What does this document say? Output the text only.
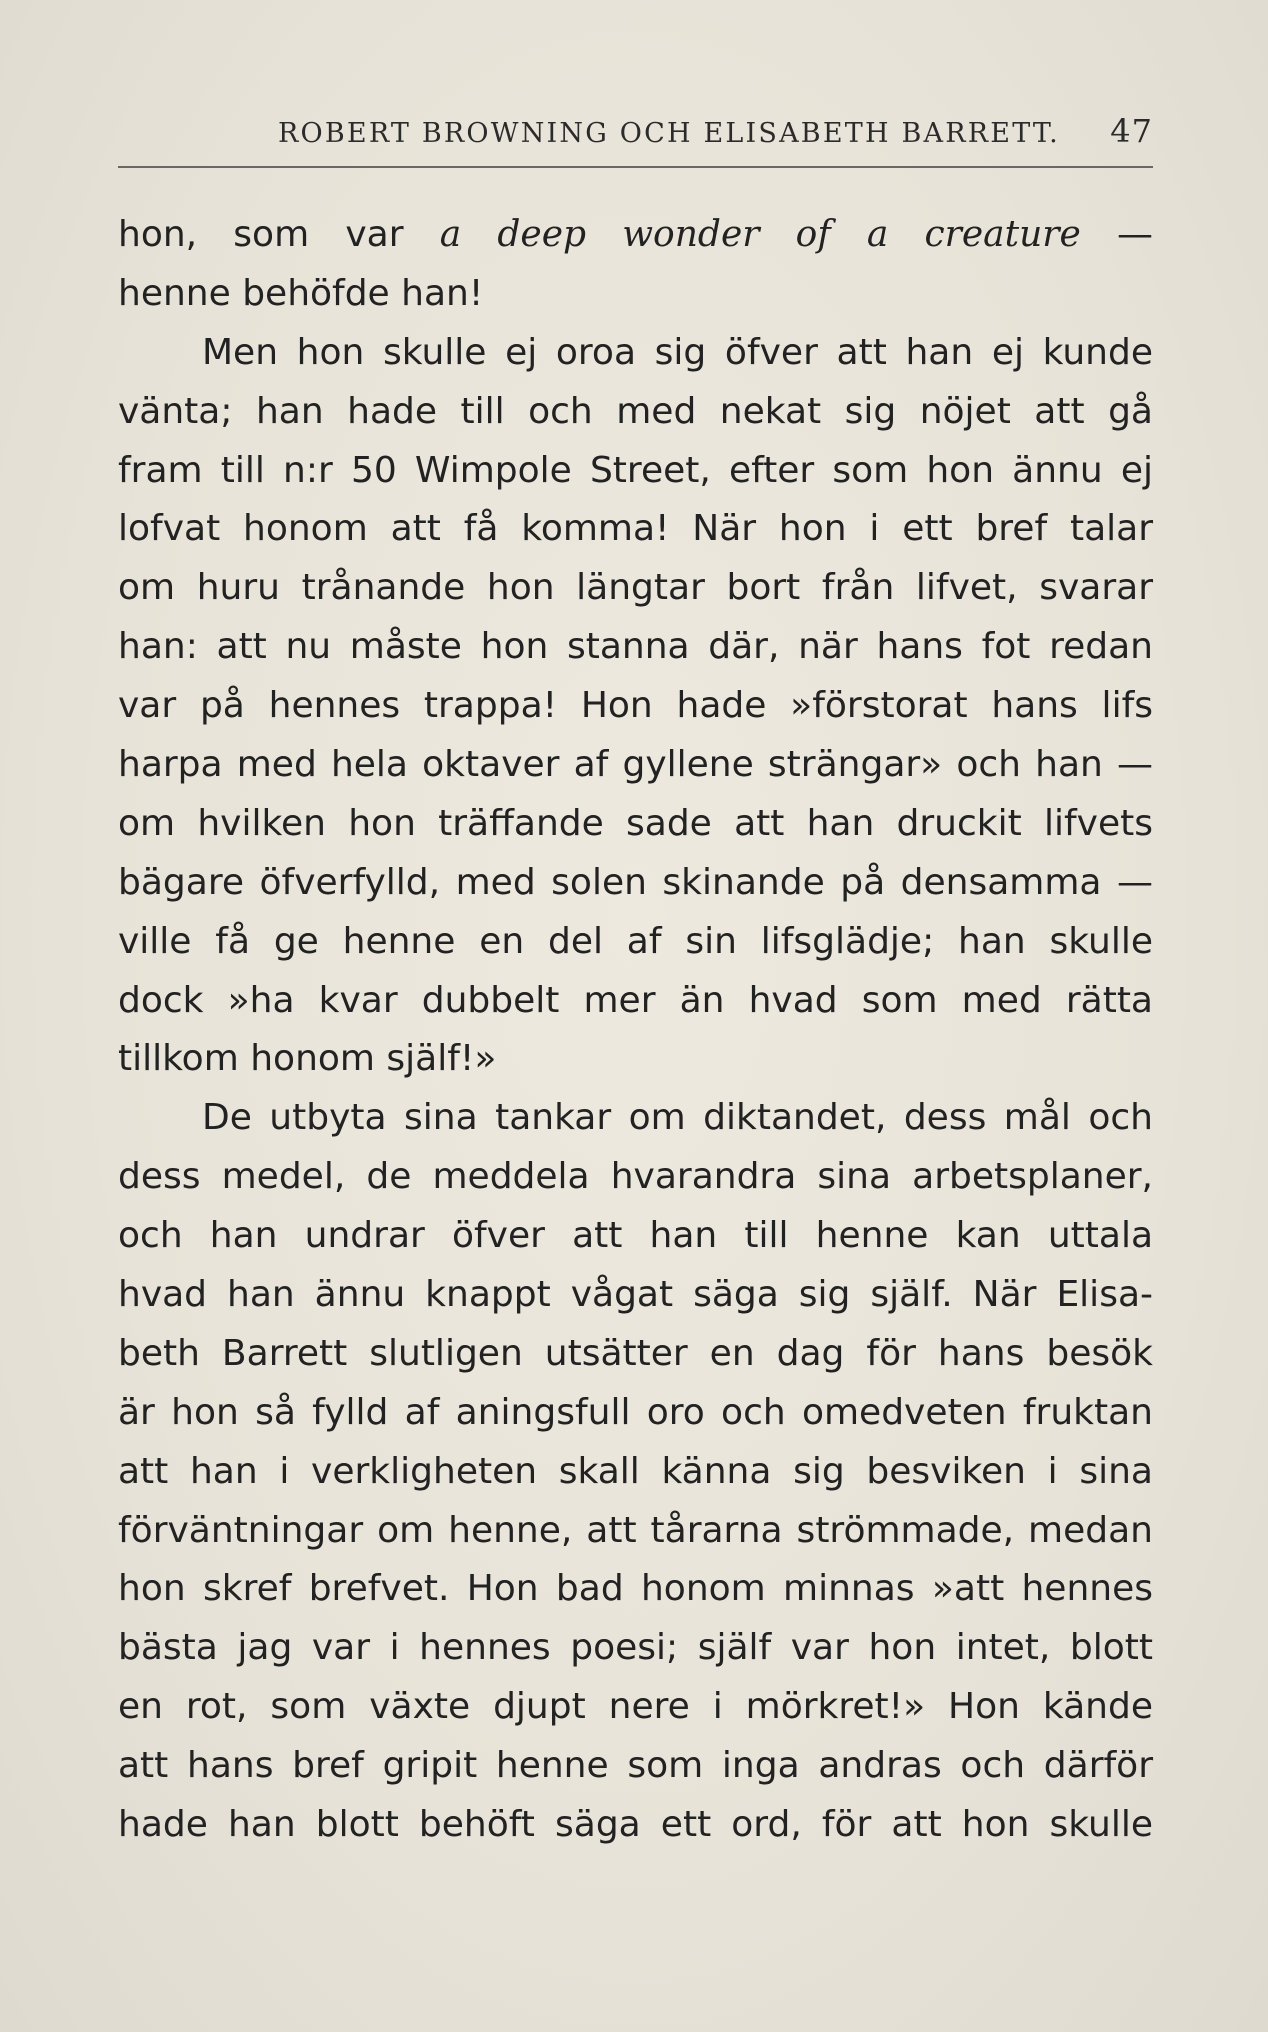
ROBERT BROWNING OCH ELISABETH BARRETT. 47
hon, som var a deep wonder of a creature —
henne behöfde han!
Men hon skulle ej oroa sig öfver att han ej kunde
vänta; han hade till och med nekat sig nöjet att gå
fram till n:r 50 Wimpole Street, efter som hon ännu ej
lofvat honom att få komma! När hon i ett bref talar
om huru trånande hon längtar bort från lifvet, svarar
han: att nu måste hon stanna där, när hans fot redan
var på hennes trappa! Hon hade »förstorat hans lifs
harpa med hela oktaver af gyllene strängar» och han —
om hvilken hon träffande sade att han druckit lifvets
bägare öfverfylld, med solen skinande på densamma —
ville få ge henne en del af sin lifsglädje; han skulle
dock »ha kvar dubbelt mer än hvad som med rätta
tillkom honom själf!»
De utbyta sina tankar om diktandet, dess mål och
dess medel, de meddela hvarandra sina arbetsplaner,
och han undrar öfver att han till henne kan uttala
hvad han ännu knappt vågat säga sig själf. När Elisa-
beth Barrett slutligen utsätter en dag för hans besök
är hon så fylld af aningsfull oro och omedveten fruktan
att han i verkligheten skall känna sig besviken i sina
förväntningar om henne, att tårarna strömmade, medan
hon skref brefvet. Hon bad honom minnas »att hennes
bästa jag var i hennes poesi; själf var hon intet, blott
en rot, som växte djupt nere i mörkret!» Hon kände
att hans bref gripit henne som inga andras och därför
hade han blott behöft säga ett ord, för att hon skulle
